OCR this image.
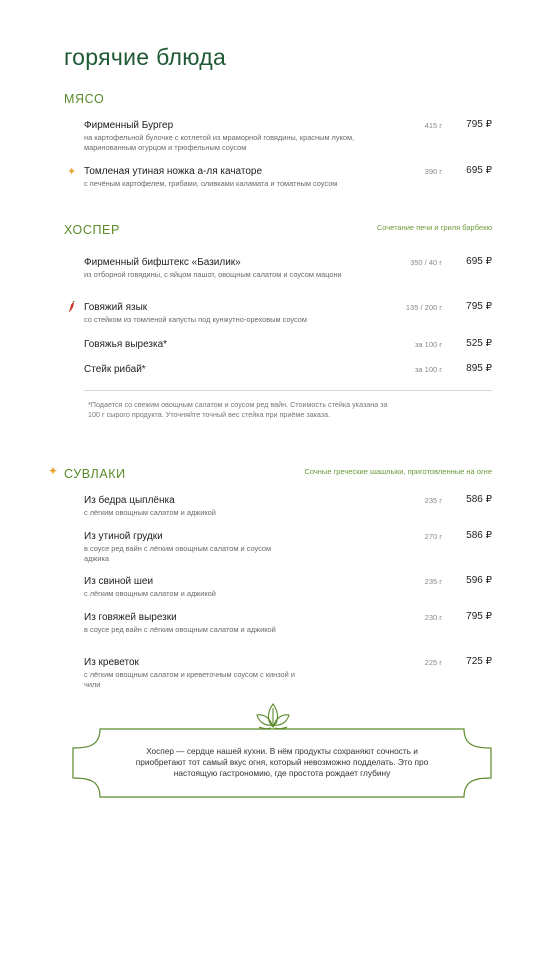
горячие блюда
МЯСО
Фирменный Бургер
на картофельной булочке с котлетой из мраморной говядины, красным луком, маринованным огурцом и трюфельным соусом
415 г 795 ₽
✦ Томленая утиная ножка а-ля качаторе
с печёным картофелем, грибами, оливками каламата и томатным соусом
390 г 695 ₽
ХОСПЕР	Сочетание печи и гриля барбекю
Фирменный бифштекс «Базилик»
из отборной говядины, с яйцом пашот, овощным салатом и соусом мацони
350 / 40 г 695 ₽
Говяжий язык
со стейком из томленой капусты под кунжутно-ореховым соусом
135 / 200 г 795 ₽
Говяжья вырезка*	за 100 г 525 ₽
Стейк рибай*	за 100 г 895 ₽
*Подается со свежим овощным салатом и соусом ред вайн. Стоимость стейка указана за 100 г сырого продукта. Уточняйте точный вес стейка при приёме заказа.
✦ СУВЛАКИ	Сочные греческие шашлыки, приготовленные на огне
Из бедра цыплёнка
с лёгким овощным салатом и аджикой
235 г 586 ₽
Из утиной грудки
в соусе ред вайн с лёгким овощным салатом и соусом аджика
270 г 586 ₽
Из свиной шеи
с лёгким овощным салатом и аджикой
235 г 596 ₽
Из говяжей вырезки
в соусе ред вайн с лёгким овощным салатом и аджикой
230 г 795 ₽
Из креветок
с лёгким овощным салатом и креветочным соусом с кинзой и чили
225 г 725 ₽
Хоспер — сердце нашей кухни. В нём продукты сохраняют сочность и приобретают тот самый вкус огня, который невозможно подделать. Это про настоящую гастрономию, где простота рождает глубину
